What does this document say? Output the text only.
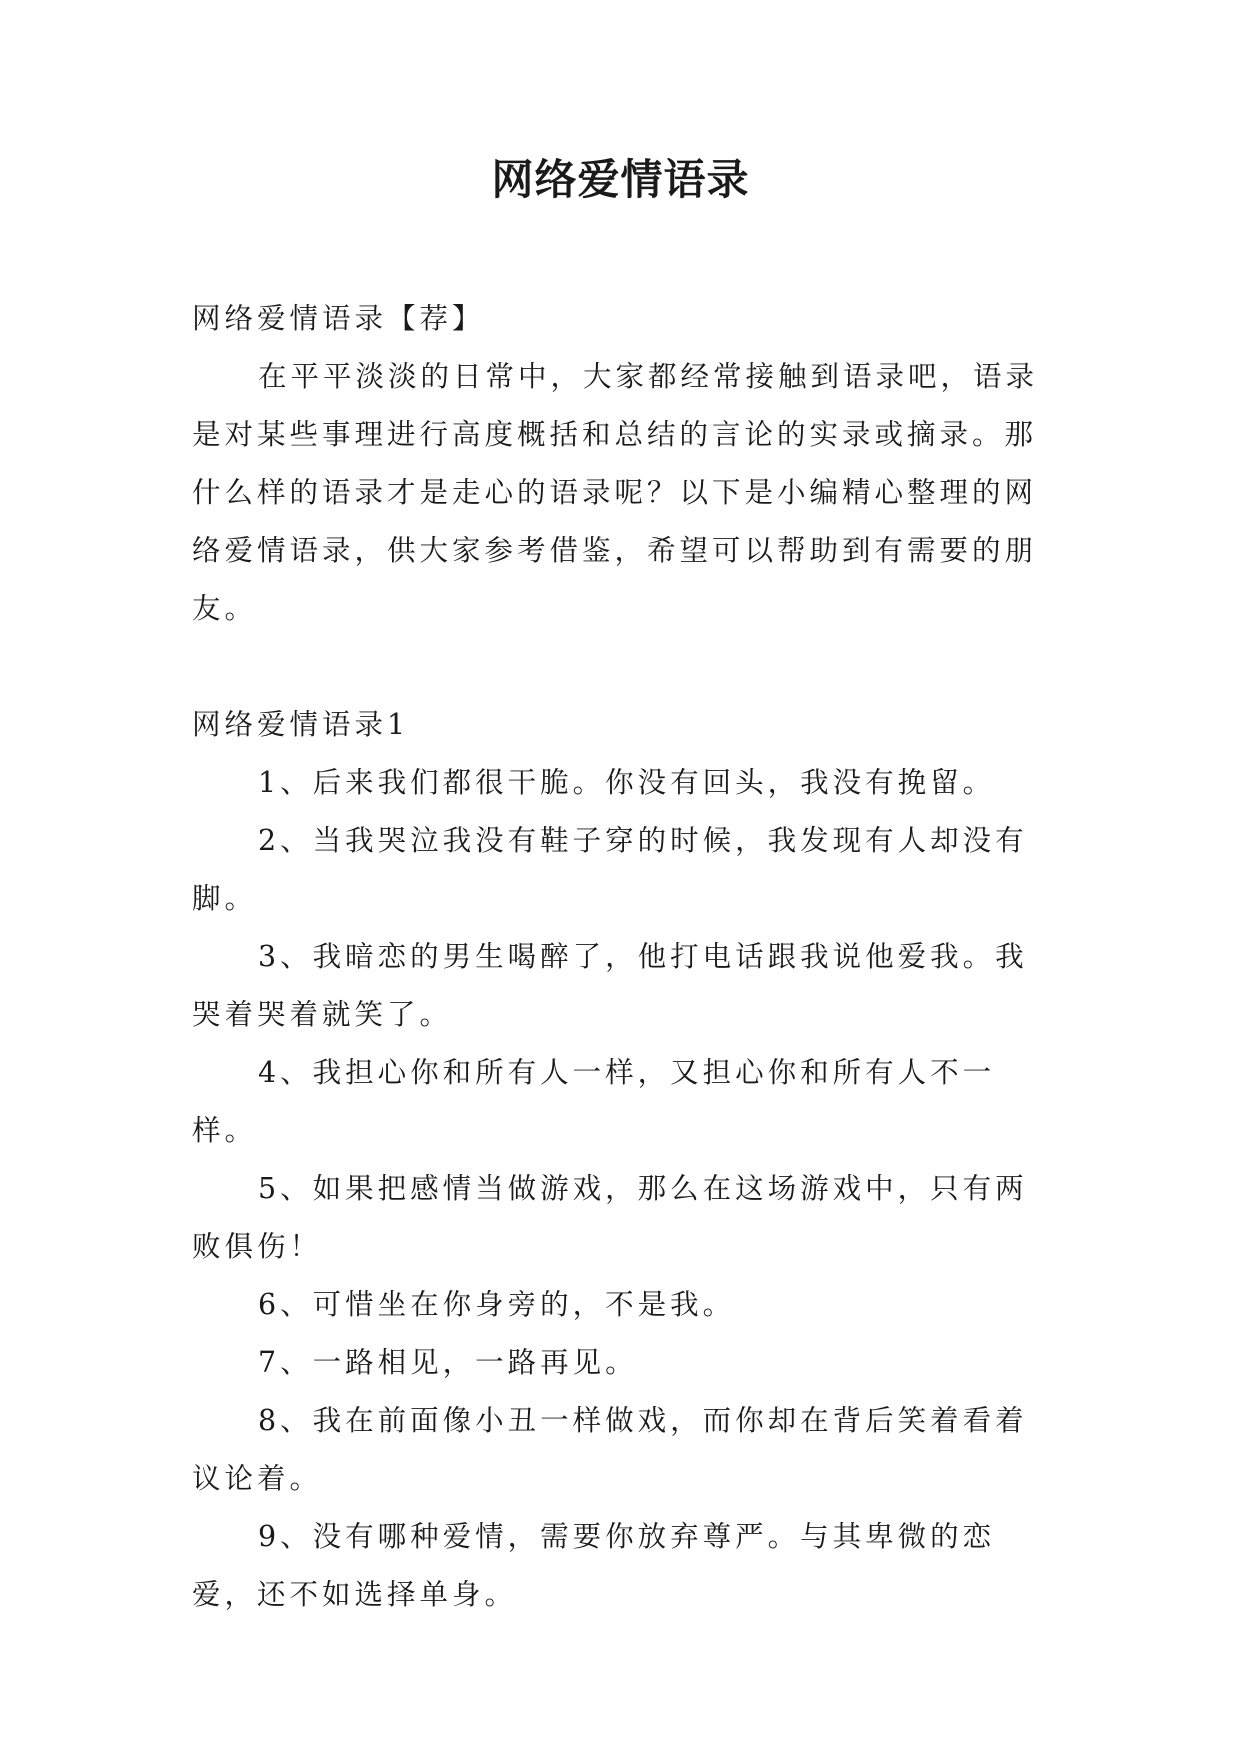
网络爱情语录

网络爱情语录【荐】

在平平淡淡的日常中，大家都经常接触到语录吧，语录是对某些事理进行高度概括和总结的言论的实录或摘录。那什么样的语录才是走心的语录呢？以下是小编精心整理的网络爱情语录，供大家参考借鉴，希望可以帮助到有需要的朋友。

网络爱情语录1

1、后来我们都很干脆。你没有回头，我没有挽留。

2、当我哭泣我没有鞋子穿的时候，我发现有人却没有脚。

3、我暗恋的男生喝醉了，他打电话跟我说他爱我。我哭着哭着就笑了。

4、我担心你和所有人一样，又担心你和所有人不一样。

5、如果把感情当做游戏，那么在这场游戏中，只有两败俱伤！

6、可惜坐在你身旁的，不是我。

7、一路相见，一路再见。

8、我在前面像小丑一样做戏，而你却在背后笑着看着议论着。

9、没有哪种爱情，需要你放弃尊严。与其卑微的恋爱，还不如选择单身。
